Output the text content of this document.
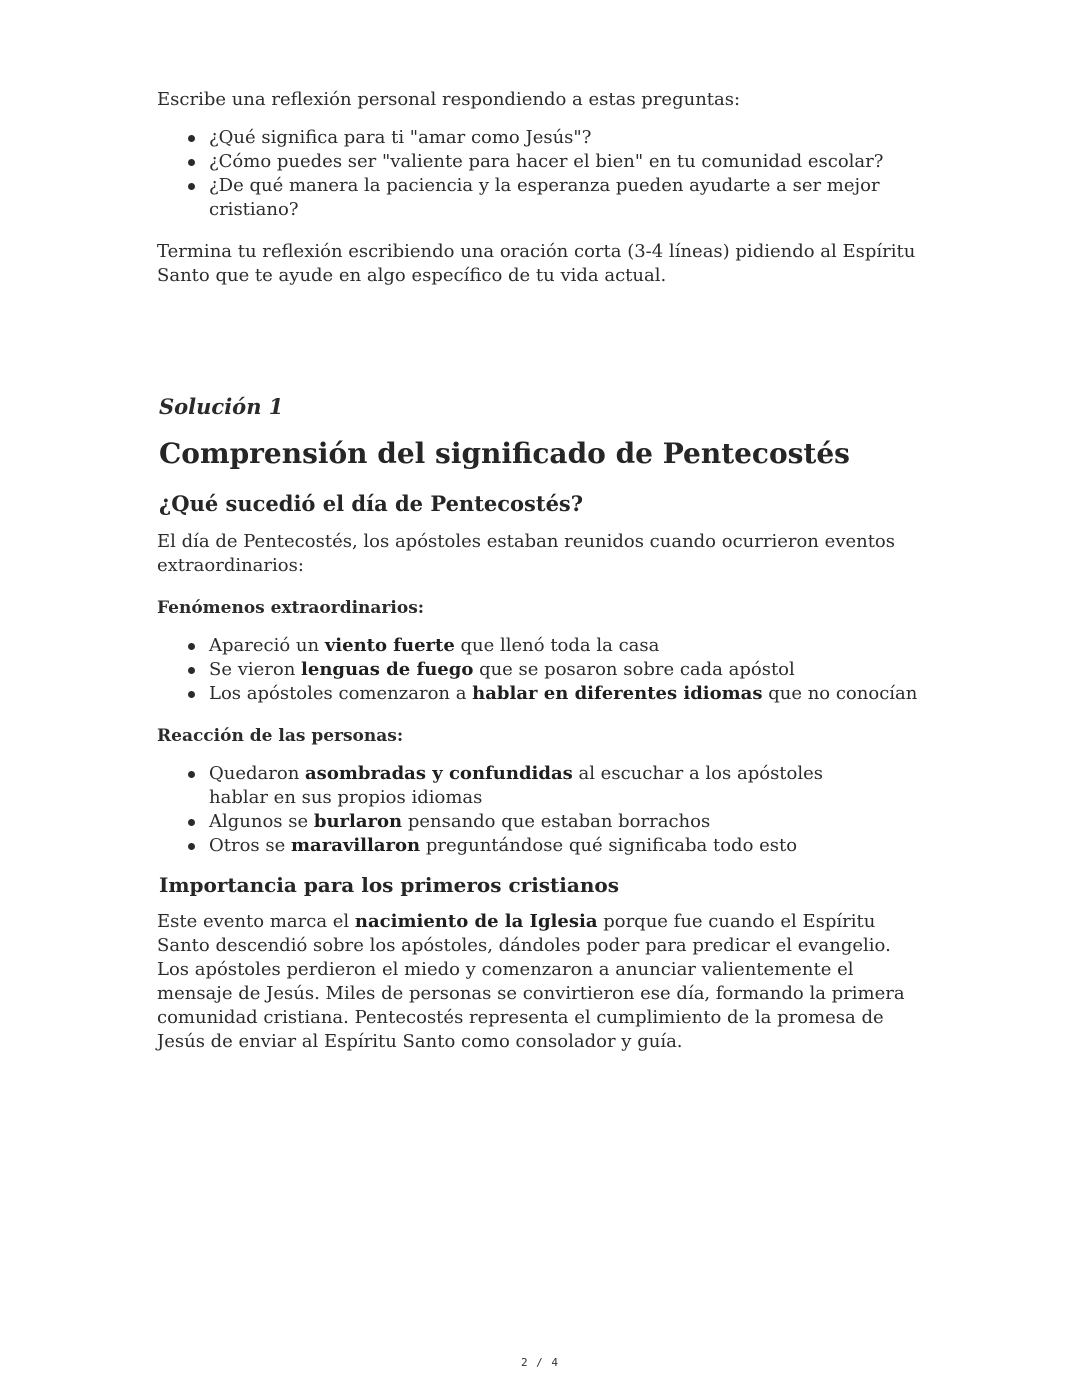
Escribe una reflexión personal respondiendo a estas preguntas:

¿Qué significa para ti "amar como Jesús"?
¿Cómo puedes ser "valiente para hacer el bien" en tu comunidad escolar?
¿De qué manera la paciencia y la esperanza pueden ayudarte a ser mejor cristiano?

Termina tu reflexión escribiendo una oración corta (3-4 líneas) pidiendo al Espíritu Santo que te ayude en algo específico de tu vida actual.

Solución 1
Comprensión del significado de Pentecostés
¿Qué sucedió el día de Pentecostés?

El día de Pentecostés, los apóstoles estaban reunidos cuando ocurrieron eventos extraordinarios:

Fenómenos extraordinarios:

Apareció un viento fuerte que llenó toda la casa
Se vieron lenguas de fuego que se posaron sobre cada apóstol
Los apóstoles comenzaron a hablar en diferentes idiomas que no conocían

Reacción de las personas:

Quedaron asombradas y confundidas al escuchar a los apóstoles hablar en sus propios idiomas
Algunos se burlaron pensando que estaban borrachos
Otros se maravillaron preguntándose qué significaba todo esto
Importancia para los primeros cristianos

Este evento marca el nacimiento de la Iglesia porque fue cuando el Espíritu Santo descendió sobre los apóstoles, dándoles poder para predicar el evangelio. Los apóstoles perdieron el miedo y comenzaron a anunciar valientemente el mensaje de Jesús. Miles de personas se convirtieron ese día, formando la primera comunidad cristiana. Pentecostés representa el cumplimiento de la promesa de Jesús de enviar al Espíritu Santo como consolador y guía.

2 / 4
